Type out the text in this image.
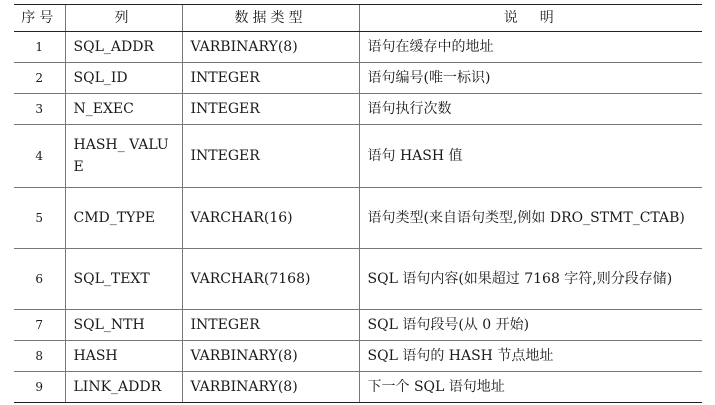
序号	列	数据类型	说　明
1	SQL_ADDR	VARBINARY(8)	语句在缓存中的地址
2	SQL_ID	INTEGER	语句编号(唯一标识)
3	N_EXEC	INTEGER	语句执行次数
4	HASH_ VALUE	INTEGER	语句 HASH 值
5	CMD_TYPE	VARCHAR(16)	语句类型(来自语句类型,例如 DRO_STMT_CTAB)
6	SQL_TEXT	VARCHAR(7168)	SQL 语句内容(如果超过 7168 字符,则分段存储)
7	SQL_NTH	INTEGER	SQL 语句段号(从 0 开始)
8	HASH	VARBINARY(8)	SQL 语句的 HASH 节点地址
9	LINK_ADDR	VARBINARY(8)	下一个 SQL 语句地址
